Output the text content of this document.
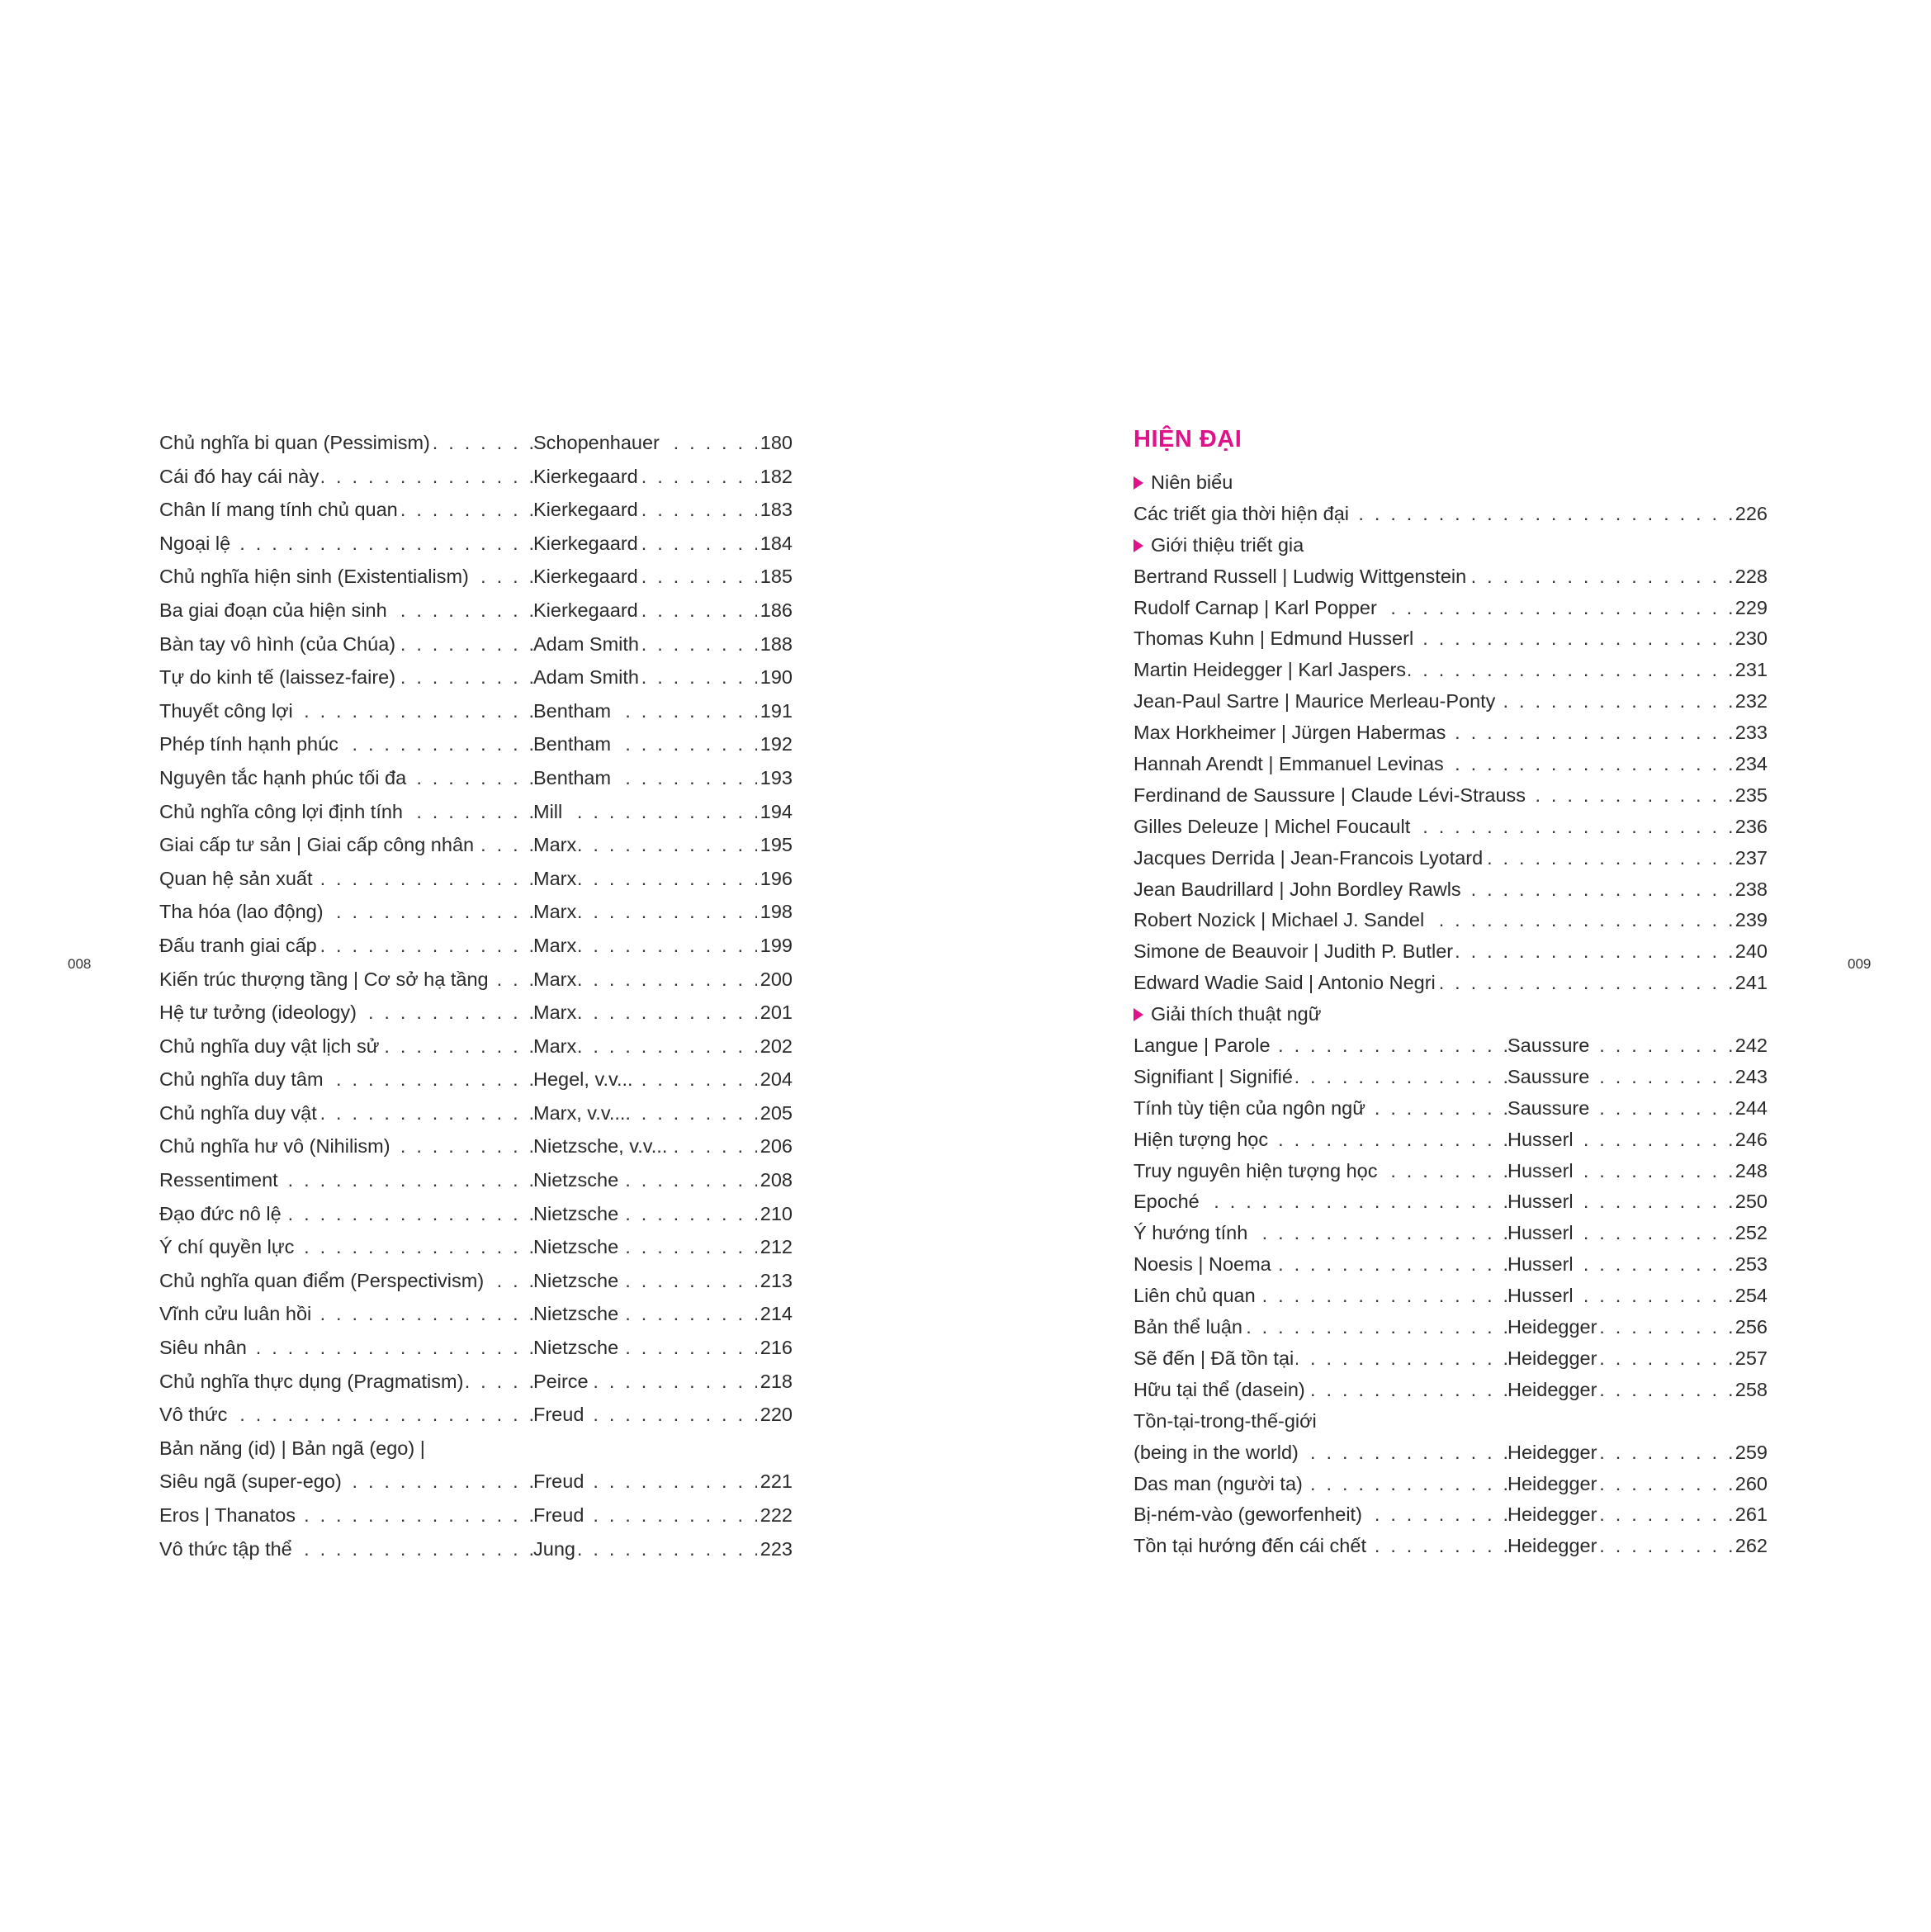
008	009
Chủ nghĩa bi quan (Pessimism) . . .	Schopenhauer	180
Cái đó hay cái này . . .	Kierkegaard	182
Chân lí mang tính chủ quan . . .	Kierkegaard	183
Ngoại lệ . . .	Kierkegaard	184
Chủ nghĩa hiện sinh (Existentialism) . . .	Kierkegaard	185
Ba giai đoạn của hiện sinh . . .	Kierkegaard	186
Bàn tay vô hình (của Chúa) . . .	Adam Smith	188
Tự do kinh tế (laissez-faire) . . .	Adam Smith	190
Thuyết công lợi . . .	Bentham	191
Phép tính hạnh phúc . . .	Bentham	192
Nguyên tắc hạnh phúc tối đa . . .	Bentham	193
Chủ nghĩa công lợi định tính . . .	Mill	194
Giai cấp tư sản | Giai cấp công nhân . . .	Marx	195
Quan hệ sản xuất . . .	Marx	196
Tha hóa (lao động) . . .	Marx	198
Đấu tranh giai cấp . . .	Marx	199
Kiến trúc thượng tầng | Cơ sở hạ tầng . . . Marx	200
Hệ tư tưởng (ideology) . . .	Marx	201
Chủ nghĩa duy vật lịch sử . . .	Marx	202
Chủ nghĩa duy tâm . . .	Hegel, v.v...	204
Chủ nghĩa duy vật . . .	Marx, v.v....	205
Chủ nghĩa hư vô (Nihilism) . . .	Nietzsche, v.v...	206
Ressentiment . . .	Nietzsche	208
Đạo đức nô lệ . . .	Nietzsche	210
Ý chí quyền lực . . .	Nietzsche	212
Chủ nghĩa quan điểm (Perspectivism) . . .	Nietzsche	213
Vĩnh cửu luân hồi . . .	Nietzsche	214
Siêu nhân . . .	Nietzsche	216
Chủ nghĩa thực dụng (Pragmatism) . . .	Peirce	218
Vô thức . . .	Freud	220
Bản năng (id) | Bản ngã (ego) |
Siêu ngã (super-ego) . . .	Freud	221
Eros | Thanatos . . .	Freud	222
Vô thức tập thể . . .	Jung	223
HIỆN ĐẠI
Niên biểu
Các triết gia thời hiện đại . . .	226
Giới thiệu triết gia
Bertrand Russell | Ludwig Wittgenstein . . .	228
Rudolf Carnap | Karl Popper . . .	229
Thomas Kuhn | Edmund Husserl . . .	230
Martin Heidegger | Karl Jaspers . . .	231
Jean-Paul Sartre | Maurice Merleau-Ponty . . .	232
Max Horkheimer | Jürgen Habermas . . .	233
Hannah Arendt | Emmanuel Levinas . . .	234
Ferdinand de Saussure | Claude Lévi-Strauss . . .	235
Gilles Deleuze | Michel Foucault . . .	236
Jacques Derrida | Jean-Francois Lyotard . . .	237
Jean Baudrillard | John Bordley Rawls . . .	238
Robert Nozick | Michael J. Sandel . . .	239
Simone de Beauvoir | Judith P. Butler . . .	240
Edward Wadie Said | Antonio Negri . . .	241
Giải thích thuật ngữ
Langue | Parole . . .	Saussure	242
Signifiant | Signifié . . .	Saussure	243
Tính tùy tiện của ngôn ngữ . . .	Saussure	244
Hiện tượng học . . .	Husserl	246
Truy nguyên hiện tượng học . . .	Husserl	248
Epoché . . .	Husserl	250
Ý hướng tính . . .	Husserl	252
Noesis | Noema . . .	Husserl	253
Liên chủ quan . . .	Husserl	254
Bản thể luận . . .	Heidegger	256
Sẽ đến | Đã tồn tại . . .	Heidegger	257
Hữu tại thể (dasein) . . .	Heidegger	258
Tồn-tại-trong-thế-giới
(being in the world) . . .	Heidegger	259
Das man (người ta) . . .	Heidegger	260
Bị-ném-vào (geworfenheit) . . .	Heidegger	261
Tồn tại hướng đến cái chết . . .	Heidegger	262
